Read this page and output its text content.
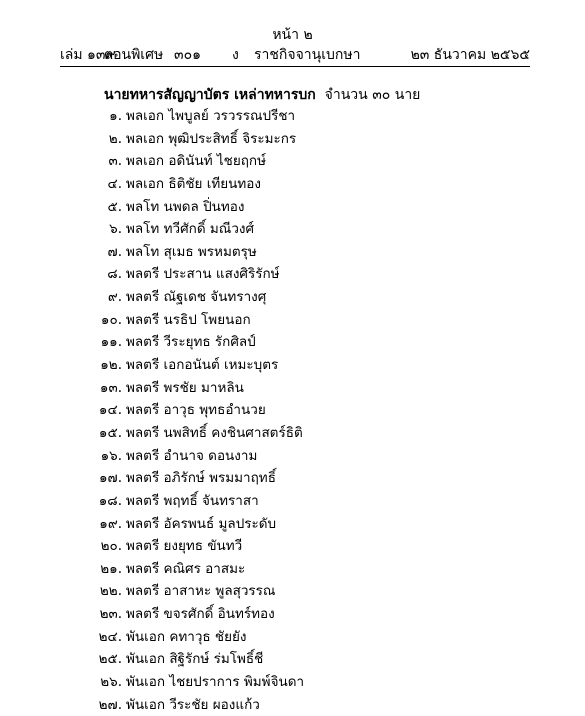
หน้า ๒
เล่ม ๑๓๙
ตอนพิเศษ ๓๐๑ ง ราชกิจจานุเบกษา	๒๓ ธันวาคม ๒๕๖๕
นายทหารสัญญาบัตร เหล่าทหารบก จำนวน ๓๐ นาย
๑. พลเอก ไพบูลย์ วรวรรณปรีชา
๒. พลเอก พุฒิประสิทธิ์ จิระมะกร
๓. พลเอก อดินันท์ ไชยฤกษ์
๔. พลเอก ธิติชัย เทียนทอง
๕. พลโท นพดล ปิ่นทอง
๖. พลโท ทวีศักดิ์ มณีวงศ์
๗. พลโท สุเมธ พรหมตรุษ
๘. พลตรี ประสาน แสงศิริรักษ์
๙. พลตรี ณัฐเดช จันทรางศุ
๑๐. พลตรี นรธิป โพยนอก
๑๑. พลตรี วีระยุทธ รักศิลป์
๑๒. พลตรี เอกอนันต์ เหมะบุตร
๑๓. พลตรี พรชัย มาหลิน
๑๔. พลตรี อาวุธ พุทธอำนวย
๑๕. พลตรี นพสิทธิ์ คงชินศาสตร์ธิติ
๑๖. พลตรี อำนาจ ดอนงาม
๑๗. พลตรี อภิรักษ์ พรมมาฤทธิ์
๑๘. พลตรี พฤทธิ์ จันทราสา
๑๙. พลตรี อัครพนธ์ มูลประดับ
๒๐. พลตรี ยงยุทธ ขันทวี
๒๑. พลตรี คณิศร อาสมะ
๒๒. พลตรี อาสาหะ พูลสุวรรณ
๒๓. พลตรี ขจรศักดิ์ อินทร์ทอง
๒๔. พันเอก คทาวุธ ชัยยัง
๒๕. พันเอก สิฐิรักษ์ ร่มโพธิ์ชี
๒๖. พันเอก ไชยปราการ พิมพ์จินดา
๒๗. พันเอก วีระชัย ผองแก้ว
